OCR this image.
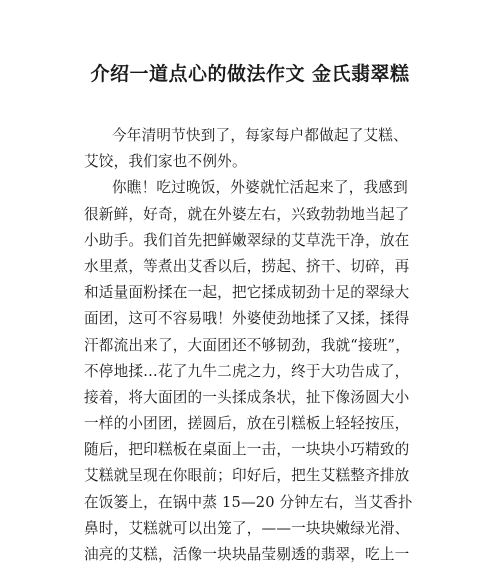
介绍一道点心的做法作文 金氏翡翠糕
今年清明节快到了，每家每户都做起了艾糕、
艾饺，我们家也不例外。
你瞧！吃过晚饭，外婆就忙活起来了，我感到
很新鲜，好奇，就在外婆左右，兴致勃勃地当起了
小助手。我们首先把鲜嫩翠绿的艾草洗干净，放在
水里煮，等煮出艾香以后，捞起、挤干、切碎，再
和适量面粉揉在一起，把它揉成韧劲十足的翠绿大
面团，这可不容易哦！外婆使劲地揉了又揉，揉得
汗都流出来了，大面团还不够韧劲，我就“接班”，
不停地揉…花了九牛二虎之力，终于大功告成了，
接着，将大面团的一头揉成条状，扯下像汤圆大小
一样的小团团，搓圆后，放在引糕板上轻轻按压，
随后，把印糕板在桌面上一击，一块块小巧精致的
艾糕就呈现在你眼前；印好后，把生艾糕整齐排放
在饭篓上，在锅中蒸 15—20 分钟左右，当艾香扑
鼻时，艾糕就可以出笼了，——一块块嫩绿光滑、
油亮的艾糕，活像一块块晶莹剔透的翡翠，吃上一
